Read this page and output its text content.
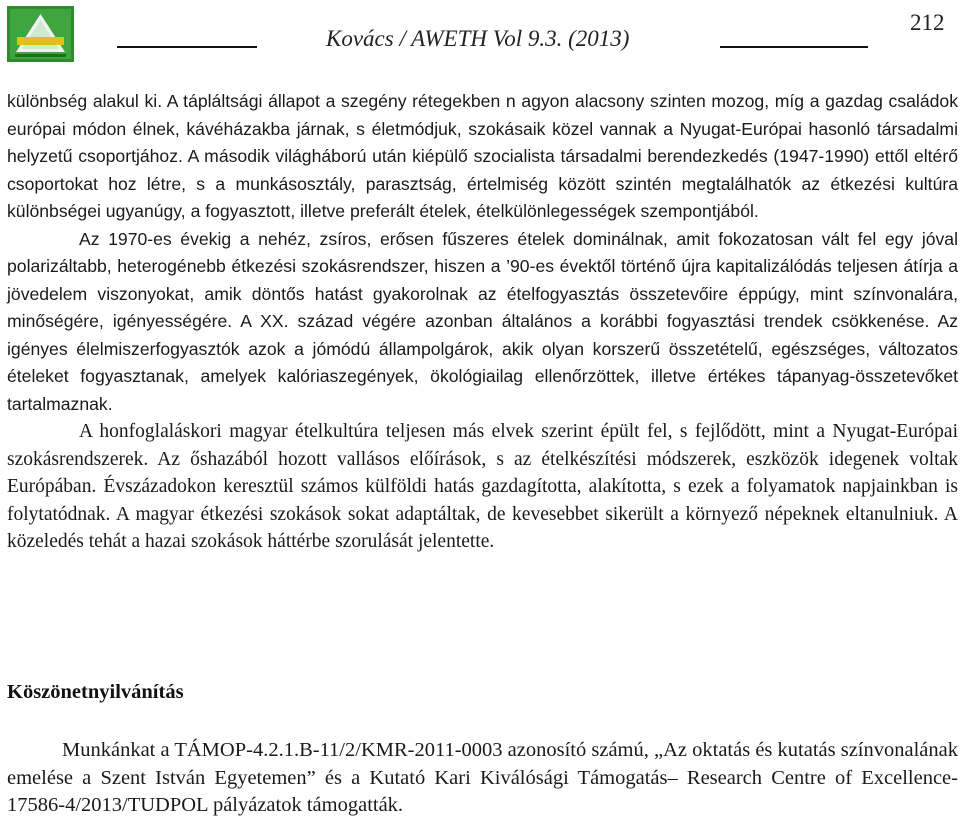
Kovács / AWETH Vol 9.3. (2013)
212

különbség alakul ki. A tápláltsági állapot a szegény rétegekben n agyon alacsony szinten mozog, míg a gazdag családok európai módon élnek, kávéházakba járnak, s életmódjuk, szokásaik közel vannak a Nyugat-Európai hasonló társadalmi helyzetű csoportjához. A második világháború után kiépülő szocialista társadalmi berendezkedés (1947-1990) ettől eltérő csoportokat hoz létre, s a munkásosztály, parasztság, értelmiség között szintén megtalálhatók az étkezési kultúra különbségei ugyanúgy, a fogyasztott, illetve preferált ételek, ételkülönlegességek szempontjából.

Az 1970-es évekig a nehéz, zsíros, erősen fűszeres ételek dominálnak, amit fokozatosan vált fel egy jóval polarizáltabb, heterogénebb étkezési szokásrendszer, hiszen a ’90-es évektől történő újra kapitalizálódás teljesen átírja a jövedelem viszonyokat, amik döntős hatást gyakorolnak az ételfogyasztás összetevőire éppúgy, mint színvonalára, minőségére, igényességére. A XX. század végére azonban általános a korábbi fogyasztási trendek csökkenése. Az igényes élelmiszerfogyasztók azok a jómódú állampolgárok, akik olyan korszerű összetételű, egészséges, változatos ételeket fogyasztanak, amelyek kalóriaszegények, ökológiailag ellenőrzöttek, illetve értékes tápanyag-összetevőket tartalmaznak.

A honfoglaláskori magyar ételkultúra teljesen más elvek szerint épült fel, s fejlődött, mint a Nyugat-Európai szokásrendszerek. Az őshazából hozott vallásos előírások, s az ételkészítési módszerek, eszközök idegenek voltak Európában. Évszázadokon keresztül számos külföldi hatás gazdagította, alakította, s ezek a folyamatok napjainkban is folytatódnak. A magyar étkezési szokások sokat adaptáltak, de kevesebbet sikerült a környező népeknek eltanulniuk. A közeledés tehát a hazai szokások háttérbe szorulását jelentette.

Köszönetnyilvánítás

Munkánkat a TÁMOP-4.2.1.B-11/2/KMR-2011-0003 azonosító számú, „Az oktatás és kutatás színvonalának emelése a Szent István Egyetemen” és a Kutató Kari Kiválósági Támogatás– Research Centre of Excellence- 17586-4/2013/TUDPOL pályázatok támogatták.
